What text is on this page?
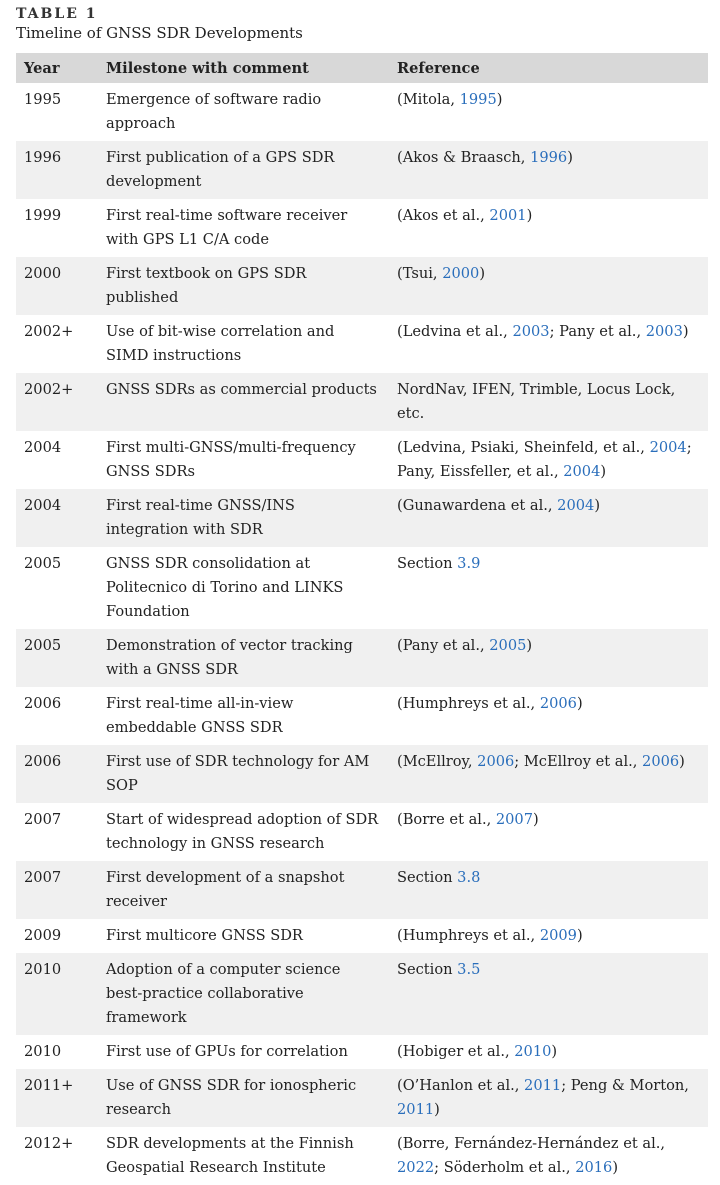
TABLE 1
Timeline of GNSS SDR Developments
Year	Milestone with comment	Reference
1995	Emergence of software radio approach	(Mitola, 1995)
1996	First publication of a GPS SDR development	(Akos & Braasch, 1996)
1999	First real-time software receiver with GPS L1 C/A code	(Akos et al., 2001)
2000	First textbook on GPS SDR published	(Tsui, 2000)
2002+	Use of bit-wise correlation and SIMD instructions	(Ledvina et al., 2003; Pany et al., 2003)
2002+	GNSS SDRs as commercial products	NordNav, IFEN, Trimble, Locus Lock, etc.
2004	First multi-GNSS/multi-frequency GNSS SDRs	(Ledvina, Psiaki, Sheinfeld, et al., 2004; Pany, Eissfeller, et al., 2004)
2004	First real-time GNSS/INS integration with SDR	(Gunawardena et al., 2004)
2005	GNSS SDR consolidation at Politecnico di Torino and LINKS Foundation	Section 3.9
2005	Demonstration of vector tracking with a GNSS SDR	(Pany et al., 2005)
2006	First real-time all-in-view embeddable GNSS SDR	(Humphreys et al., 2006)
2006	First use of SDR technology for AM SOP	(McEllroy, 2006; McEllroy et al., 2006)
2007	Start of widespread adoption of SDR technology in GNSS research	(Borre et al., 2007)
2007	First development of a snapshot receiver	Section 3.8
2009	First multicore GNSS SDR	(Humphreys et al., 2009)
2010	Adoption of a computer science best-practice collaborative framework	Section 3.5
2010	First use of GPUs for correlation	(Hobiger et al., 2010)
2011+	Use of GNSS SDR for ionospheric research	(O’Hanlon et al., 2011; Peng & Morton, 2011)
2012+	SDR developments at the Finnish Geospatial Research Institute	(Borre, Fernández-Hernández et al., 2022; Söderholm et al., 2016)
